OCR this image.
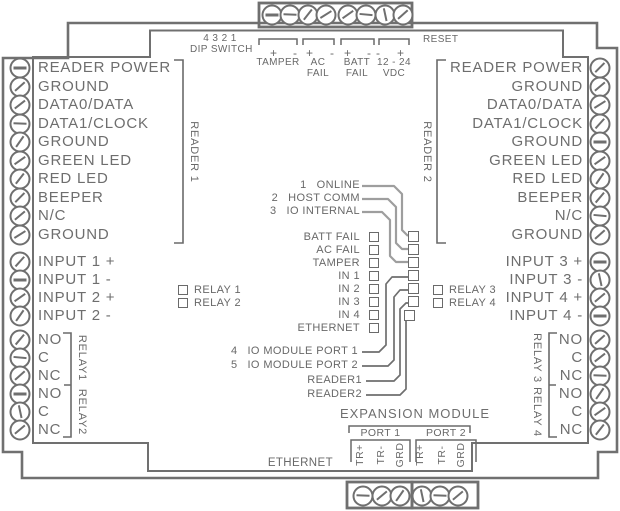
4 3 2 1
DIP SWITCH
RESET
+ - + - + - - +
TAMPER	AC
FAIL
BATT
FAIL
12 - 24
VDC
READER POWER
GROUND
DATA0/DATA
DATA1/CLOCK
GROUND
GREEN LED
RED LED
BEEPER
N/C
GROUND
INPUT 1 +
INPUT 1 -
INPUT 2 +
INPUT 2 -
NO
C
NC
NO
C
NC
READER POWER
GROUND
DATA0/DATA
DATA1/CLOCK
GROUND
GREEN LED
RED LED
BEEPER
N/C
GROUND
INPUT 3 +
INPUT 3 -
INPUT 4 +
INPUT 4 -
NO
C
NC
NO
C
NC
READER 1	READER 2
RELAY1
RELAY2
RELAY 3
RELAY 4
1 ONLINE
2 HOST COMM
3 IO INTERNAL
BATT FAIL
AC FAIL
TAMPER
IN 1
IN 2
IN 3
IN 4
ETHERNET
RELAY 1
RELAY 2
RELAY 3
RELAY 4
4 IO MODULE PORT 1
5 IO MODULE PORT 2
READER1
READER2
EXPANSION MODULE
PORT 1	PORT 2
TR+ TR- GRD TR+ TR- GRD
ETHERNET
